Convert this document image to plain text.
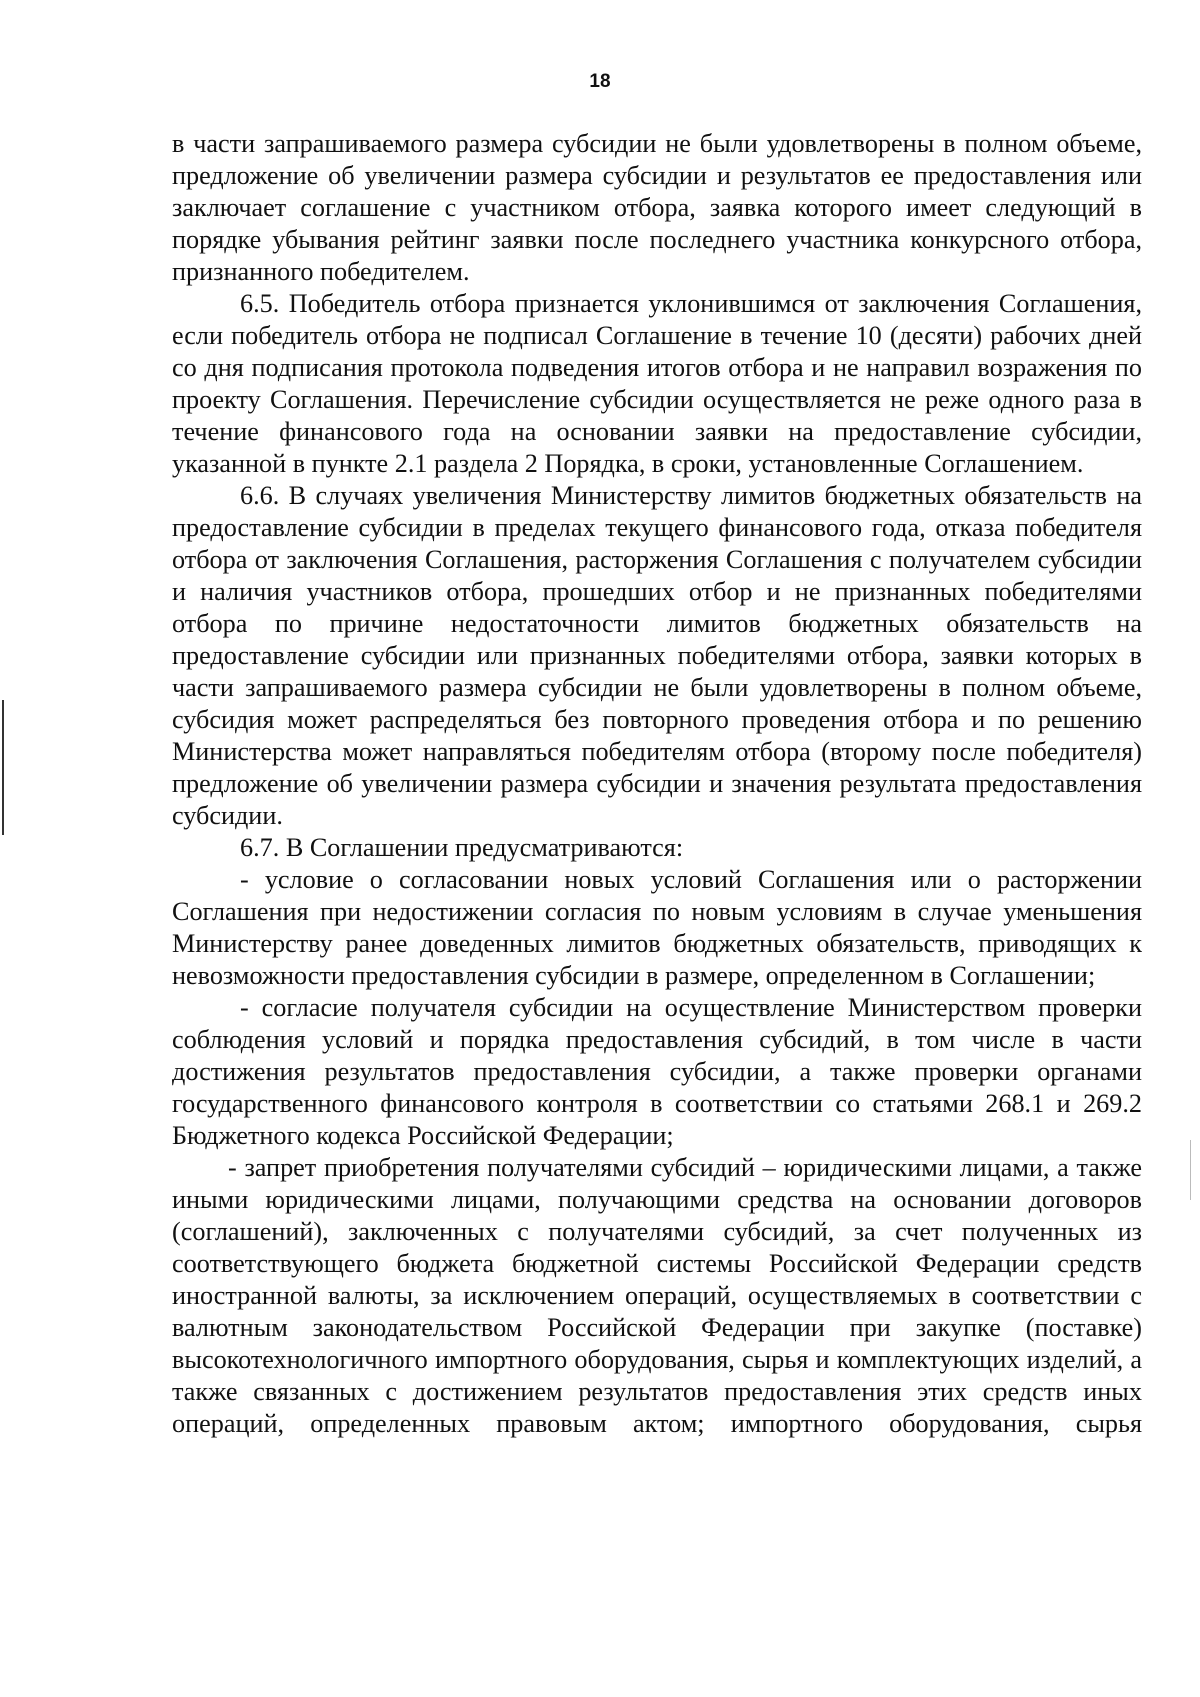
18

в части запрашиваемого размера субсидии не были удовлетворены в полном объеме, предложение об увеличении размера субсидии и результатов ее предоставления или заключает соглашение с участником отбора, заявка которого имеет следующий в порядке убывания рейтинг заявки после последнего участника конкурсного отбора, признанного победителем.

6.5. Победитель отбора признается уклонившимся от заключения Соглашения, если победитель отбора не подписал Соглашение в течение 10 (десяти) рабочих дней со дня подписания протокола подведения итогов отбора и не направил возражения по проекту Соглашения. Перечисление субсидии осуществляется не реже одного раза в течение финансового года на основании заявки на предоставление субсидии, указанной в пункте 2.1 раздела 2 Порядка, в сроки, установленные Соглашением.

6.6. В случаях увеличения Министерству лимитов бюджетных обязательств на предоставление субсидии в пределах текущего финансового года, отказа победителя отбора от заключения Соглашения, расторжения Соглашения с получателем субсидии и наличия участников отбора, прошедших отбор и не признанных победителями отбора по причине недостаточности лимитов бюджетных обязательств на предоставление субсидии или признанных победителями отбора, заявки которых в части запрашиваемого размера субсидии не были удовлетворены в полном объеме, субсидия может распределяться без повторного проведения отбора и по решению Министерства может направляться победителям отбора (второму после победителя) предложение об увеличении размера субсидии и значения результата предоставления субсидии.

6.7. В Соглашении предусматриваются:

- условие о согласовании новых условий Соглашения или о расторжении Соглашения при недостижении согласия по новым условиям в случае уменьшения Министерству ранее доведенных лимитов бюджетных обязательств, приводящих к невозможности предоставления субсидии в размере, определенном в Соглашении;

- согласие получателя субсидии на осуществление Министерством проверки соблюдения условий и порядка предоставления субсидий, в том числе в части достижения результатов предоставления субсидии, а также проверки органами государственного финансового контроля в соответствии со статьями 268.1 и 269.2 Бюджетного кодекса Российской Федерации;

- запрет приобретения получателями субсидий – юридическими лицами, а также иными юридическими лицами, получающими средства на основании договоров (соглашений), заключенных с получателями субсидий, за счет полученных из соответствующего бюджета бюджетной системы Российской Федерации средств иностранной валюты, за исключением операций, осуществляемых в соответствии с валютным законодательством Российской Федерации при закупке (поставке) высокотехнологичного импортного оборудования, сырья и комплектующих изделий, а также связанных с достижением результатов предоставления этих средств иных операций, определенных правовым актом; импортного оборудования, сырья
